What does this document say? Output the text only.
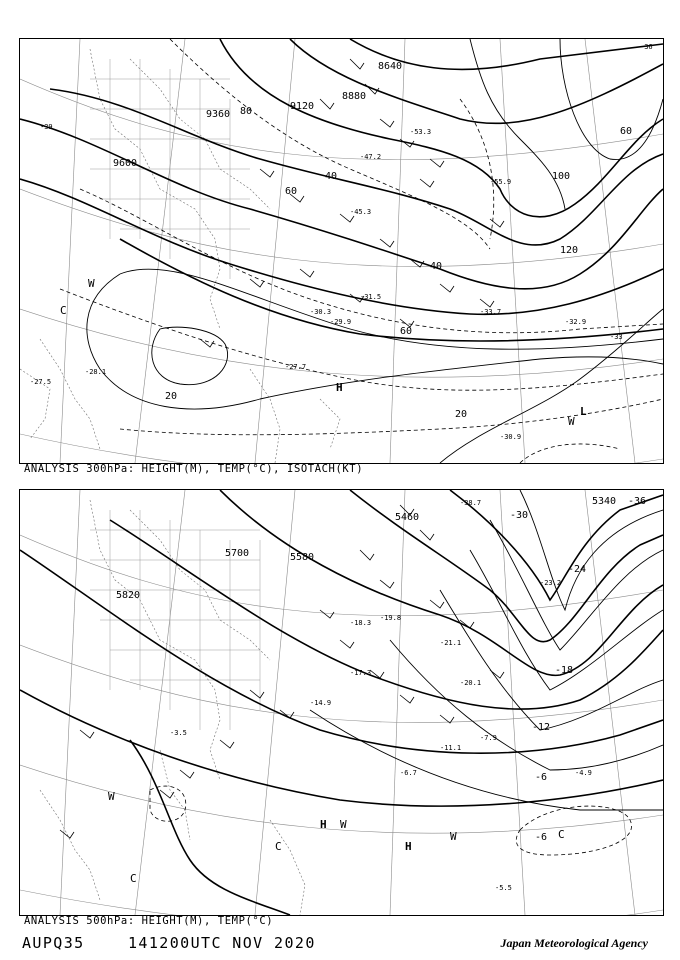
8640
8880
9120
9360
9600
40
60
80
100
120
20
20
60
60
40
-39
-33
-47.2
-53.3
-45.3
-31.5
-30.3
-29.9
-33.7
-32.9
-27.7
-28.1
-27.5
-30.9
-36
-55.9
H
L
C
W
W
ANALYSIS 300hPa: HEIGHT(M), TEMP(°C), ISOTACH(KT)
5340
5460
5580
5700
5820
-36
-30
-24
-18
-12
-6
-6
-38.7
-21.1
-19.8
-17.3
-14.9
-11.1
-7.9
-6.7
-5.5
-4.9
-3.5
-18.3
-20.1
-23.2
H
H
C
C
C
W
W
W
ANALYSIS 500hPa: HEIGHT(M), TEMP(°C)
AUPQ35	141200UTC NOV 2020	Japan Meteorological Agency
